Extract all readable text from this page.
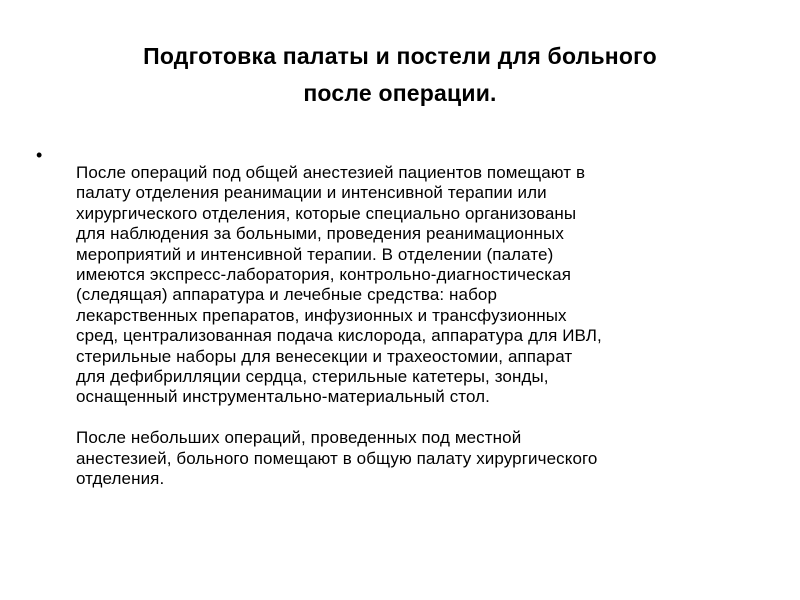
Подготовка палаты и постели для больного
после операции.
•

После операций под общей анестезией пациентов помещают в
палату отделения реанимации и интенсивной терапии или
хирургического отделения, которые специально организованы
для наблюдения за больными, проведения реанимационных
мероприятий и интенсивной терапии. В отделении (палате)
имеются экспресс-лаборатория, контрольно-диагностическая
(следящая) аппаратура и лечебные средства: набор
лекарственных препаратов, инфузионных и трансфузионных
сред, централизованная подача кислорода, аппаратура для ИВЛ,
стерильные наборы для венесекции и трахеостомии, аппарат
для дефибрилляции сердца, стерильные катетеры, зонды,
оснащенный инструментально-материальный стол.

После небольших операций, проведенных под местной
анестезией, больного помещают в общую палату хирургического
отделения.
